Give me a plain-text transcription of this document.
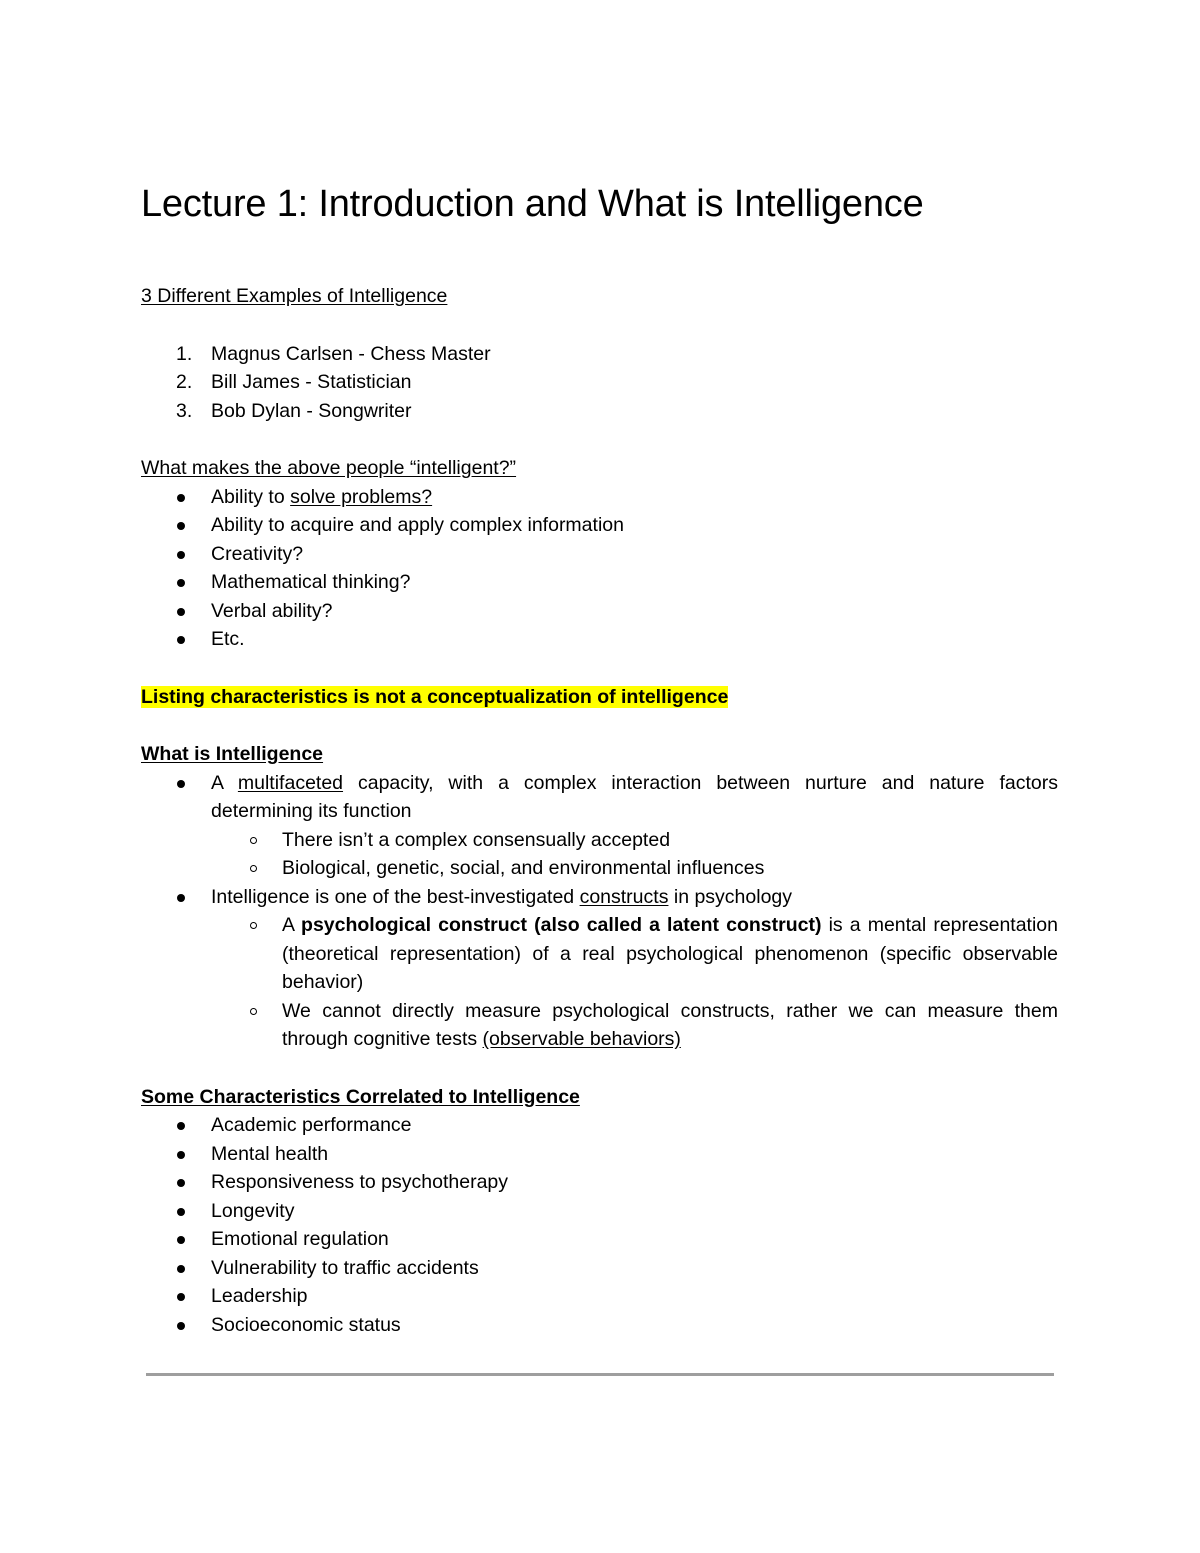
Lecture 1: Introduction and What is Intelligence

3 Different Examples of Intelligence

1. Magnus Carlsen - Chess Master
2. Bill James - Statistician
3. Bob Dylan - Songwriter

What makes the above people “intelligent?”

Ability to solve problems?
Ability to acquire and apply complex information
Creativity?
Mathematical thinking?
Verbal ability?
Etc.

Listing characteristics is not a conceptualization of intelligence

What is Intelligence

A multifaceted capacity, with a complex interaction between nurture and nature factors determining its function
There isn’t a complex consensually accepted
Biological, genetic, social, and environmental influences
Intelligence is one of the best-investigated constructs in psychology
A psychological construct (also called a latent construct) is a mental representation (theoretical representation) of a real psychological phenomenon (specific observable behavior)
We cannot directly measure psychological constructs, rather we can measure them through cognitive tests (observable behaviors)

Some Characteristics Correlated to Intelligence

Academic performance
Mental health
Responsiveness to psychotherapy
Longevity
Emotional regulation
Vulnerability to traffic accidents
Leadership
Socioeconomic status
